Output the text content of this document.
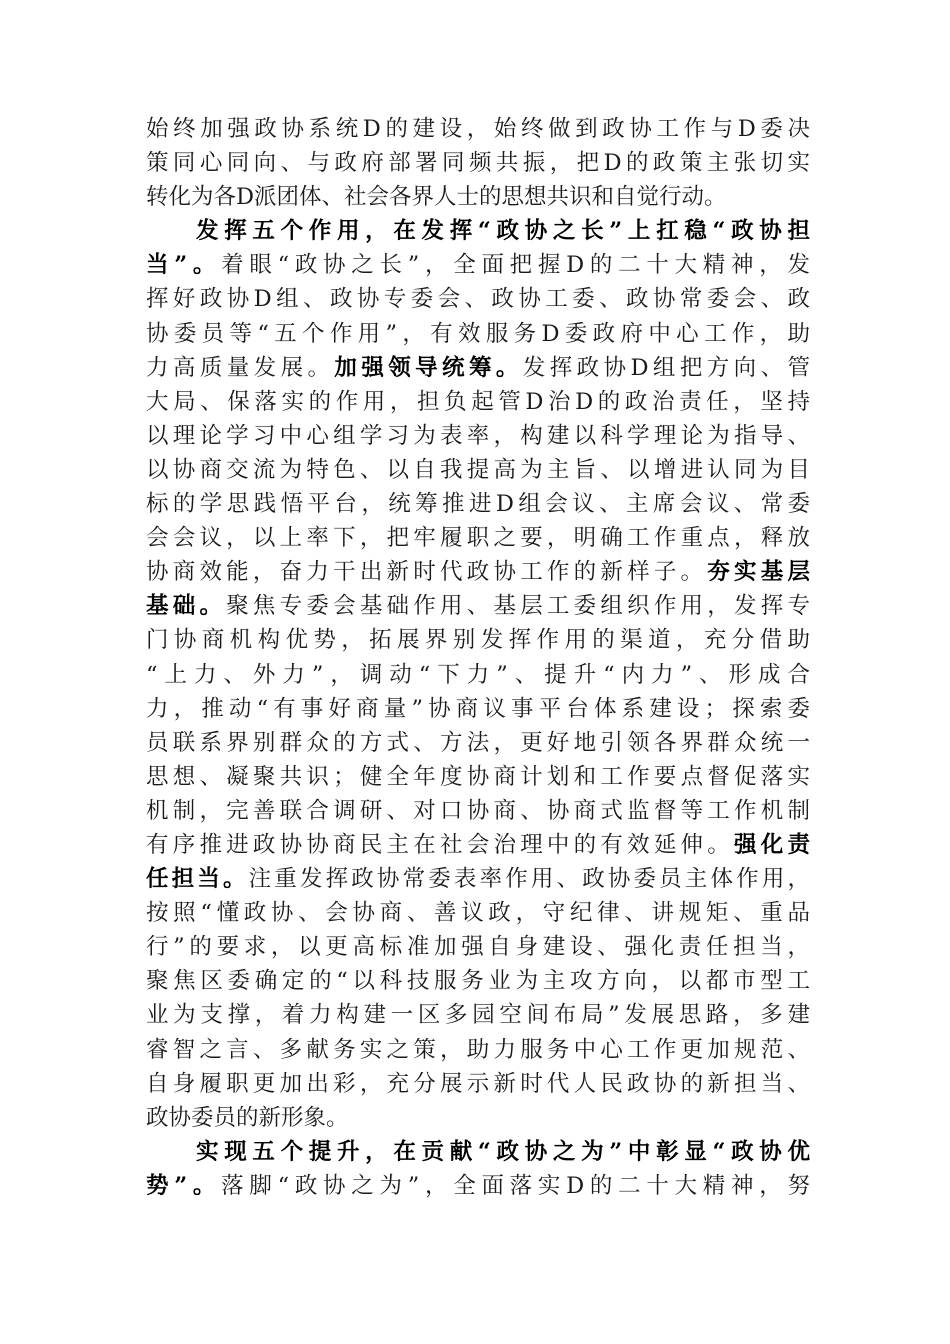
始终加强政协系统D的建设，始终做到政协工作与D委决
策同心同向、与政府部署同频共振，把D的政策主张切实
转化为各D派团体、社会各界人士的思想共识和自觉行动。
发挥五个作用，在发挥“政协之长”上扛稳“政协担
当”。着眼“政协之长”，全面把握D的二十大精神，发
挥好政协D组、政协专委会、政协工委、政协常委会、政
协委员等“五个作用”，有效服务D委政府中心工作，助
力高质量发展。加强领导统筹。发挥政协D组把方向、管
大局、保落实的作用，担负起管D治D的政治责任，坚持
以理论学习中心组学习为表率，构建以科学理论为指导、
以协商交流为特色、以自我提高为主旨、以增进认同为目
标的学思践悟平台，统筹推进D组会议、主席会议、常委
会会议，以上率下，把牢履职之要，明确工作重点，释放
协商效能，奋力干出新时代政协工作的新样子。夯实基层
基础。聚焦专委会基础作用、基层工委组织作用，发挥专
门协商机构优势，拓展界别发挥作用的渠道，充分借助
“上力、外力”，调动“下力”、提升“内力”、形成合
力，推动“有事好商量”协商议事平台体系建设；探索委
员联系界别群众的方式、方法，更好地引领各界群众统一
思想、凝聚共识；健全年度协商计划和工作要点督促落实
机制，完善联合调研、对口协商、协商式监督等工作机制
有序推进政协协商民主在社会治理中的有效延伸。强化责
任担当。注重发挥政协常委表率作用、政协委员主体作用，
按照“懂政协、会协商、善议政，守纪律、讲规矩、重品
行”的要求，以更高标准加强自身建设、强化责任担当，
聚焦区委确定的“以科技服务业为主攻方向，以都市型工
业为支撑，着力构建一区多园空间布局”发展思路，多建
睿智之言、多献务实之策，助力服务中心工作更加规范、
自身履职更加出彩，充分展示新时代人民政协的新担当、
政协委员的新形象。
实现五个提升，在贡献“政协之为”中彰显“政协优
势”。落脚“政协之为”，全面落实D的二十大精神，努
